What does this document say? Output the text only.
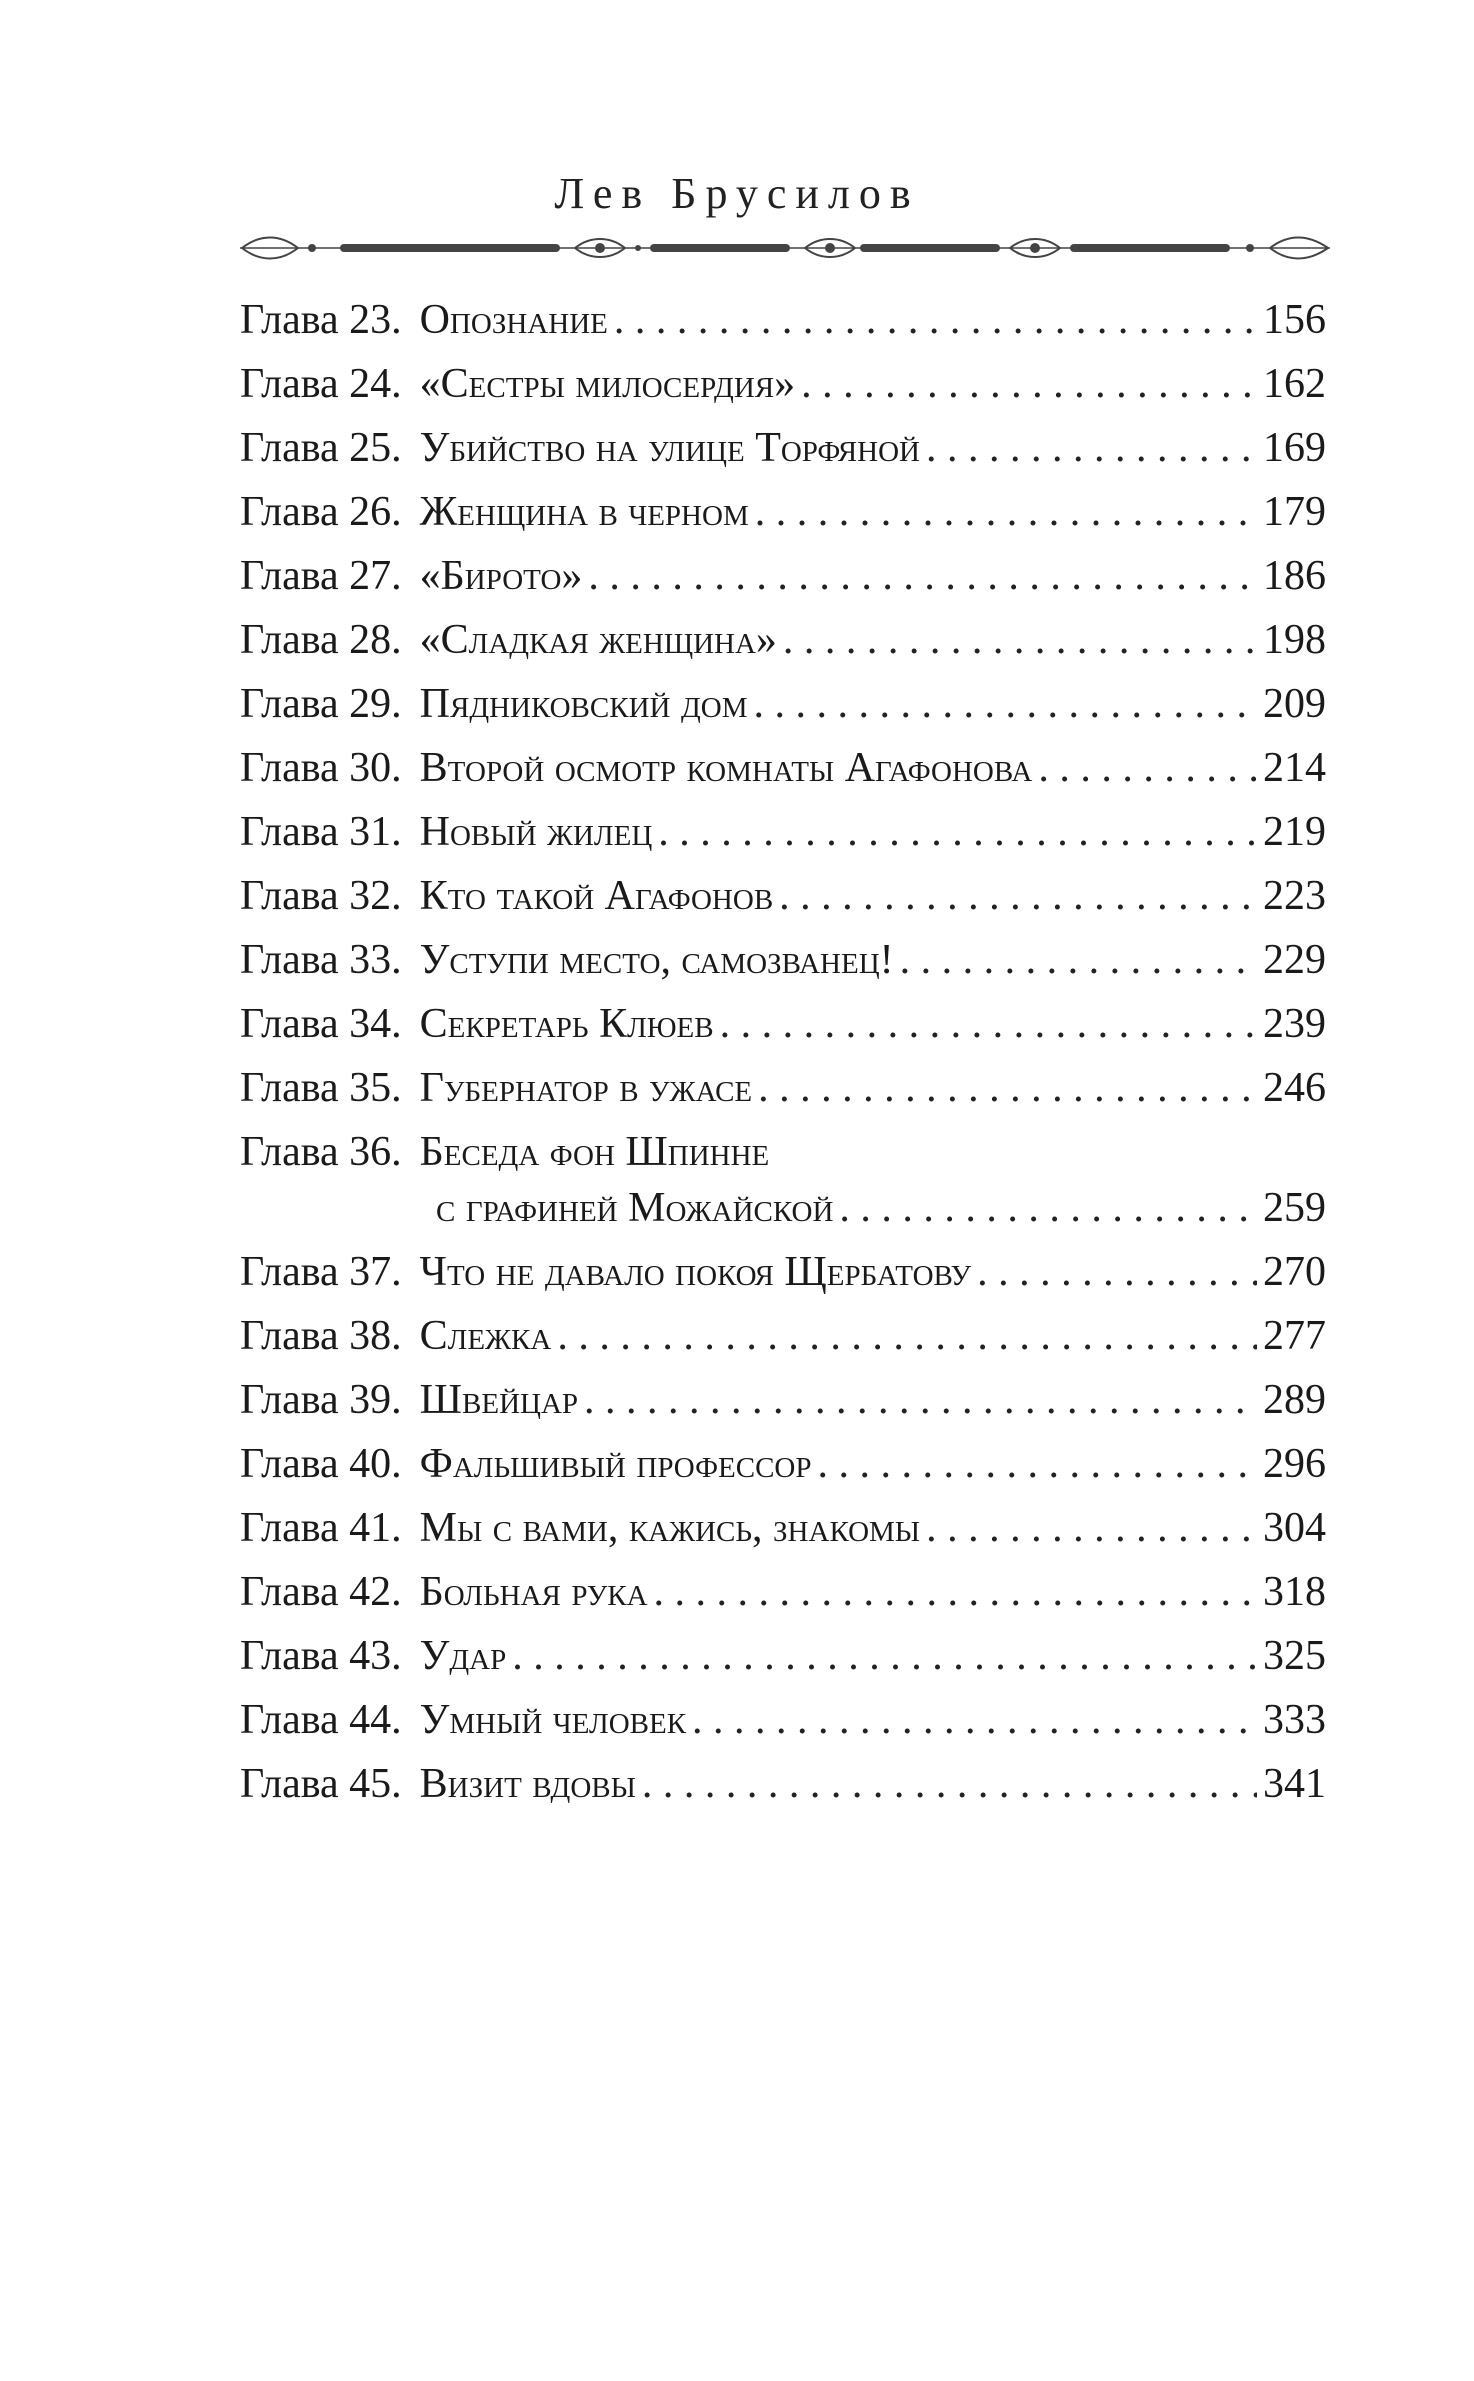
Лев Брусилов
Глава 23. Опознание . . .	156
Глава 24. «Сестры милосердия» . . .	162
Глава 25. Убийство на улице Торфяной . . .	169
Глава 26. Женщина в черном . . .	179
Глава 27. «Бирото» . . .	186
Глава 28. «Сладкая женщина» . . .	198
Глава 29. Пядниковский дом . . .	209
Глава 30. Второй осмотр комнаты Агафонова . . .	214
Глава 31. Новый жилец . . .	219
Глава 32. Кто такой Агафонов . . .	223
Глава 33. Уступи место, самозванец! . . .	229
Глава 34. Секретарь Клюев . . .	239
Глава 35. Губернатор в ужасе . . .	246
Глава 36. Беседа фон Шпинне
с графиней Можайской . . .	259
Глава 37. Что не давало покоя Щербатову . . .	270
Глава 38. Слежка . . .	277
Глава 39. Швейцар . . .	289
Глава 40. Фальшивый профессор . . .	296
Глава 41. Мы с вами, кажись, знакомы . . .	304
Глава 42. Больная рука . . .	318
Глава 43. Удар . . .	325
Глава 44. Умный человек . . .	333
Глава 45. Визит вдовы . . .	341
